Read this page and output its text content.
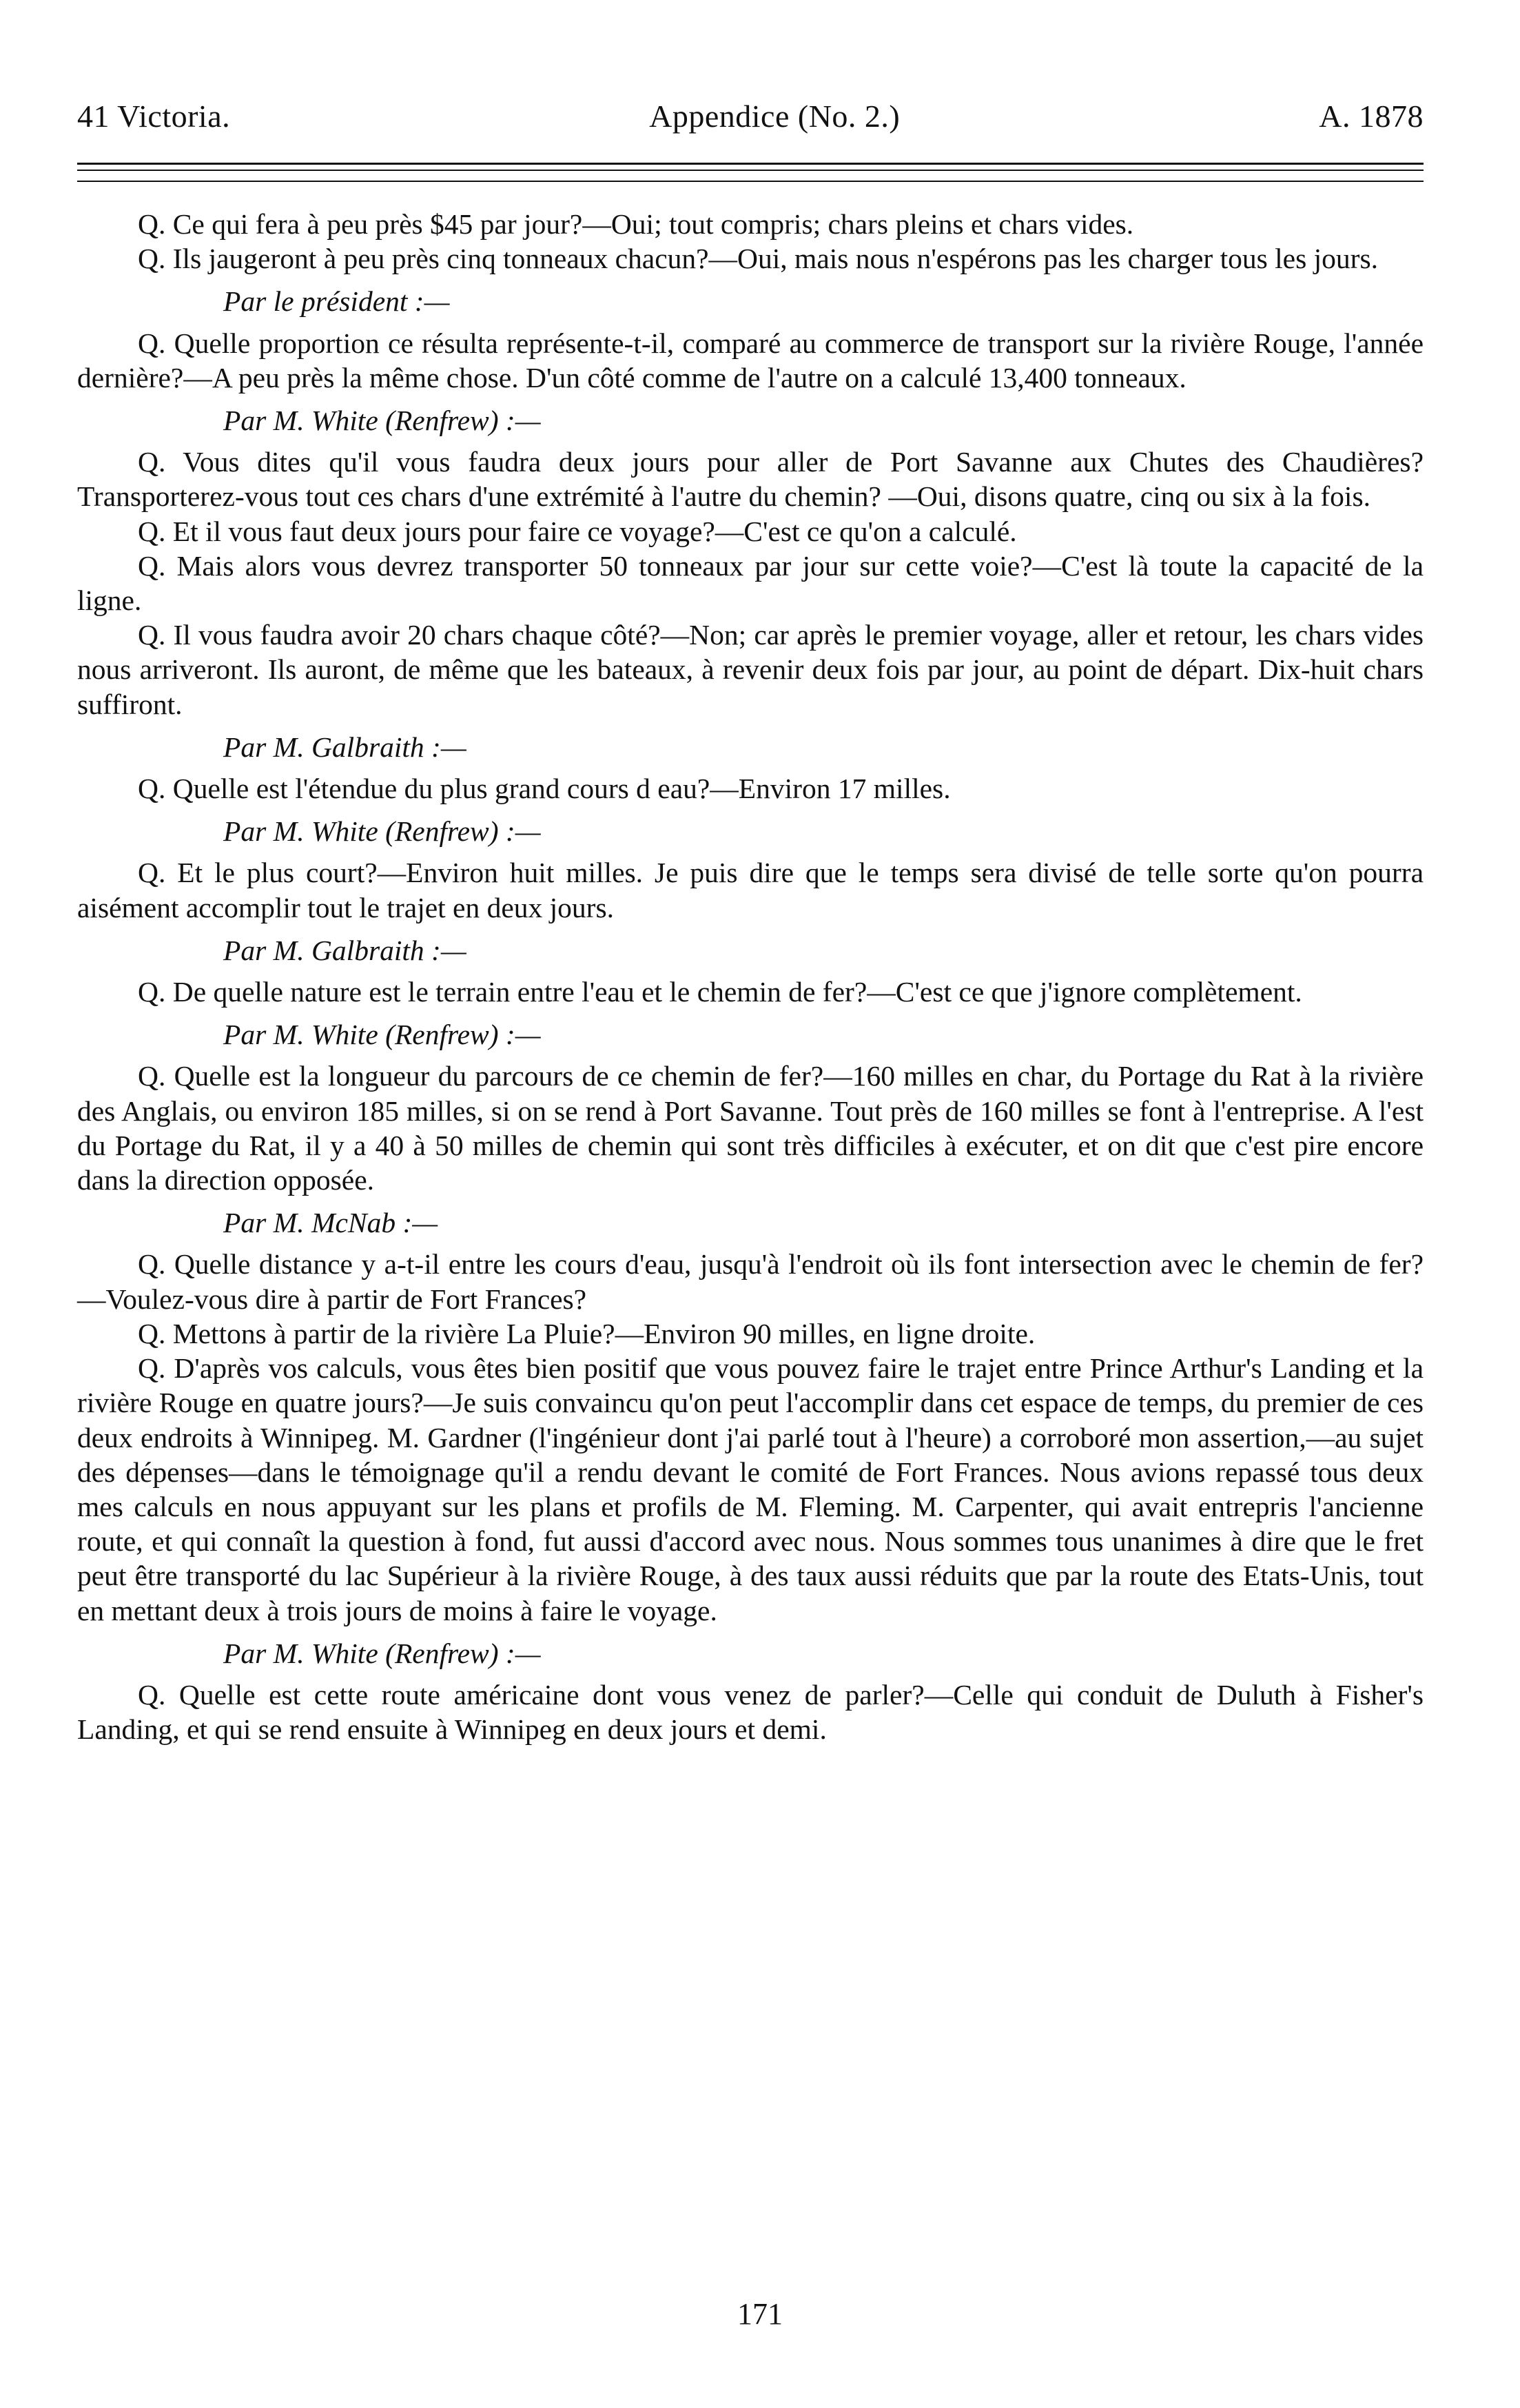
41 Victoria.	Appendice (No. 2.)	A. 1878

Q. Ce qui fera à peu près $45 par jour?—Oui; tout compris; chars pleins et chars vides.

Q. Ils jaugeront à peu près cinq tonneaux chacun?—Oui, mais nous n'espérons pas les charger tous les jours.

Par le président :—

Q. Quelle proportion ce résulta représente-t-il, comparé au commerce de transport sur la rivière Rouge, l'année dernière?—A peu près la même chose. D'un côté comme de l'autre on a calculé 13,400 tonneaux.

Par M. White (Renfrew) :—

Q. Vous dites qu'il vous faudra deux jours pour aller de Port Savanne aux Chutes des Chaudières? Transporterez-vous tout ces chars d'une extrémité à l'autre du chemin? —Oui, disons quatre, cinq ou six à la fois.

Q. Et il vous faut deux jours pour faire ce voyage?—C'est ce qu'on a calculé.

Q. Mais alors vous devrez transporter 50 tonneaux par jour sur cette voie?—C'est là toute la capacité de la ligne.

Q. Il vous faudra avoir 20 chars chaque côté?—Non; car après le premier voyage, aller et retour, les chars vides nous arriveront. Ils auront, de même que les bateaux, à revenir deux fois par jour, au point de départ. Dix-huit chars suffiront.

Par M. Galbraith :—

Q. Quelle est l'étendue du plus grand cours d eau?—Environ 17 milles.

Par M. White (Renfrew) :—

Q. Et le plus court?—Environ huit milles. Je puis dire que le temps sera divisé de telle sorte qu'on pourra aisément accomplir tout le trajet en deux jours.

Par M. Galbraith :—

Q. De quelle nature est le terrain entre l'eau et le chemin de fer?—C'est ce que j'ignore complètement.

Par M. White (Renfrew) :—

Q. Quelle est la longueur du parcours de ce chemin de fer?—160 milles en char, du Portage du Rat à la rivière des Anglais, ou environ 185 milles, si on se rend à Port Savanne. Tout près de 160 milles se font à l'entreprise. A l'est du Portage du Rat, il y a 40 à 50 milles de chemin qui sont très difficiles à exécuter, et on dit que c'est pire encore dans la direction opposée.

Par M. McNab :—

Q. Quelle distance y a-t-il entre les cours d'eau, jusqu'à l'endroit où ils font intersection avec le chemin de fer?—Voulez-vous dire à partir de Fort Frances?

Q. Mettons à partir de la rivière La Pluie?—Environ 90 milles, en ligne droite.

Q. D'après vos calculs, vous êtes bien positif que vous pouvez faire le trajet entre Prince Arthur's Landing et la rivière Rouge en quatre jours?—Je suis convaincu qu'on peut l'accomplir dans cet espace de temps, du premier de ces deux endroits à Winnipeg. M. Gardner (l'ingénieur dont j'ai parlé tout à l'heure) a corroboré mon assertion,—au sujet des dépenses—dans le témoignage qu'il a rendu devant le comité de Fort Frances. Nous avions repassé tous deux mes calculs en nous appuyant sur les plans et profils de M. Fleming. M. Carpenter, qui avait entrepris l'ancienne route, et qui connaît la question à fond, fut aussi d'accord avec nous. Nous sommes tous unanimes à dire que le fret peut être transporté du lac Supérieur à la rivière Rouge, à des taux aussi réduits que par la route des Etats-Unis, tout en mettant deux à trois jours de moins à faire le voyage.

Par M. White (Renfrew) :—

Q. Quelle est cette route américaine dont vous venez de parler?—Celle qui conduit de Duluth à Fisher's Landing, et qui se rend ensuite à Winnipeg en deux jours et demi.

171
